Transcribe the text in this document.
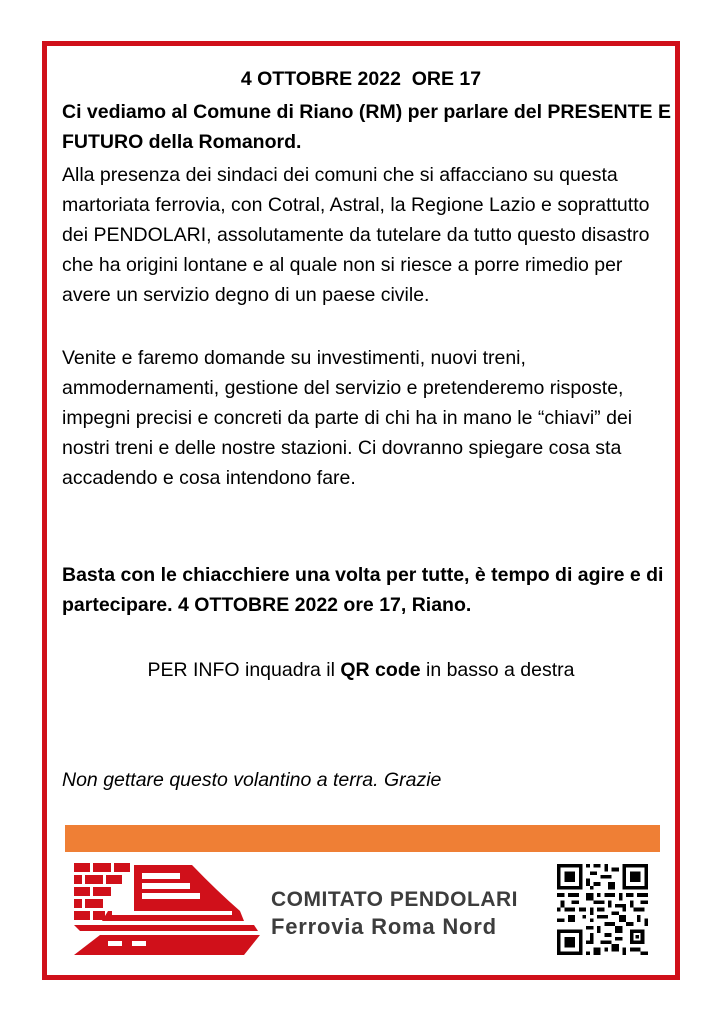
4 OTTOBRE 2022  ORE 17
Ci vediamo al Comune di Riano (RM) per parlare del PRESENTE E FUTURO della Romanord.
Alla presenza dei sindaci dei comuni che si affacciano su questa martoriata ferrovia, con Cotral, Astral, la Regione Lazio e soprattutto dei PENDOLARI, assolutamente da tutelare da tutto questo disastro che ha origini lontane e al quale non si riesce a porre rimedio per avere un servizio degno di un paese civile.
Venite e faremo domande su investimenti, nuovi treni, ammodernamenti, gestione del servizio e pretenderemo risposte, impegni precisi e concreti da parte di chi ha in mano le “chiavi” dei nostri treni e delle nostre stazioni. Ci dovranno spiegare cosa sta accadendo e cosa intendono fare.
Basta con le chiacchiere una volta per tutte, è tempo di agire e di partecipare. 4 OTTOBRE 2022 ore 17, Riano.
PER INFO inquadra il QR code in basso a destra
Non gettare questo volantino a terra. Grazie
COMITATO PENDOLARI
Ferrovia Roma Nord
